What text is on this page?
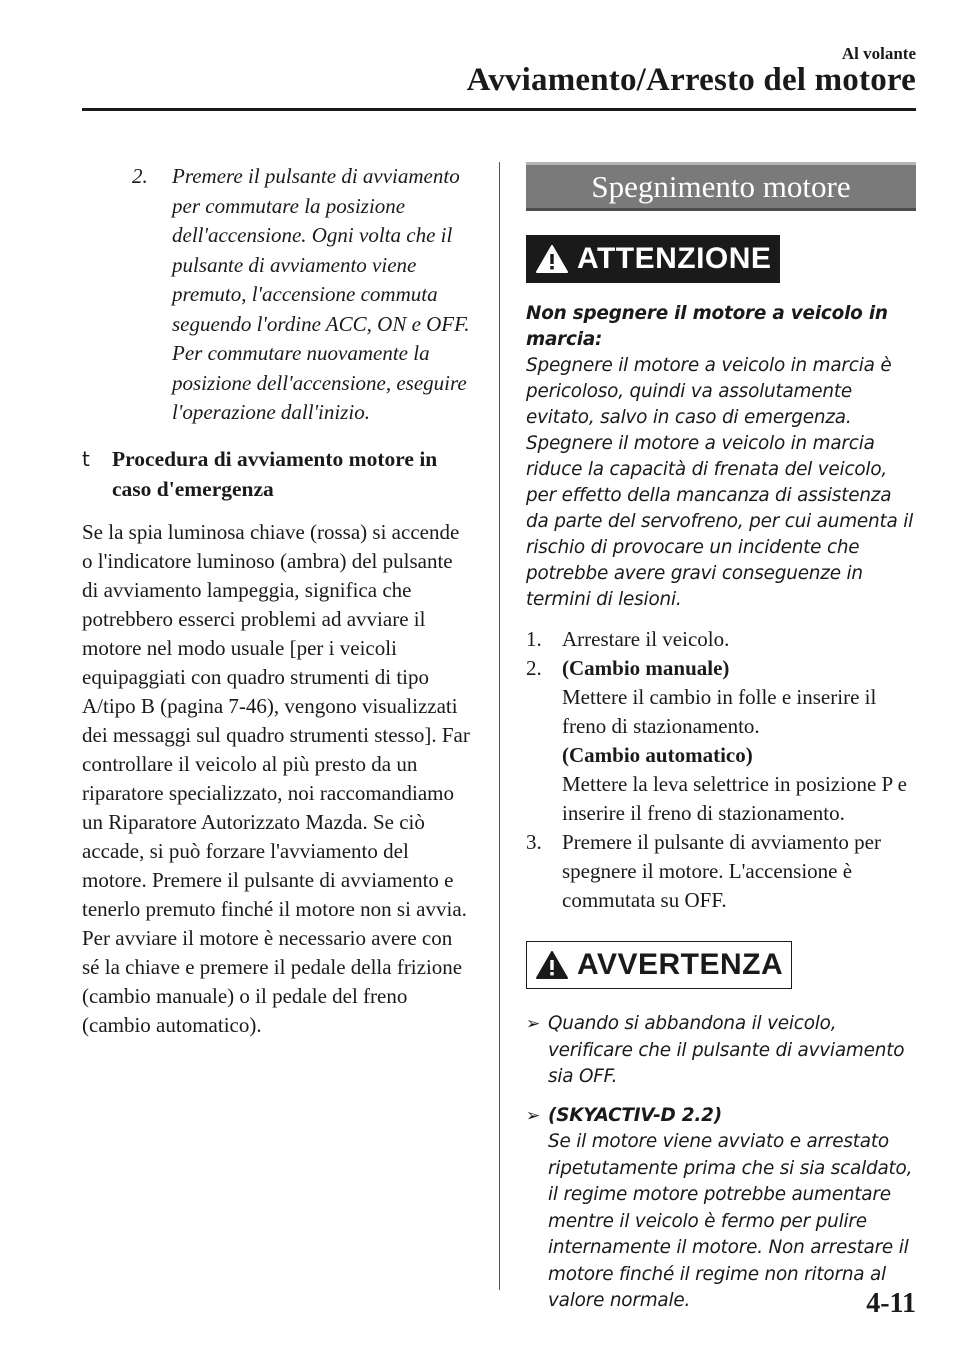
Al volante
Avviamento/Arresto del motore
2.	Premere il pulsante di avviamento per commutare la posizione dell'accensione. Ogni volta che il pulsante di avviamento viene premuto, l'accensione commuta seguendo l'ordine ACC, ON e OFF. Per commutare nuovamente la posizione dell'accensione, eseguire l'operazione dall'inizio.
t	Procedura di avviamento motore in caso d'emergenza

Se la spia luminosa chiave (rossa) si accende o l'indicatore luminoso (ambra) del pulsante di avviamento lampeggia, significa che potrebbero esserci problemi ad avviare il motore nel modo usuale [per i veicoli equipaggiati con quadro strumenti di tipo A/tipo B (pagina 7-46), vengono visualizzati dei messaggi sul quadro strumenti stesso]. Far controllare il veicolo al più presto da un riparatore specializzato, noi raccomandiamo un Riparatore Autorizzato Mazda. Se ciò accade, si può forzare l'avviamento del motore. Premere il pulsante di avviamento e tenerlo premuto finché il motore non si avvia. Per avviare il motore è necessario avere con sé la chiave e premere il pedale della frizione (cambio manuale) o il pedale del freno (cambio automatico).

Spegnimento motore
ATTENZIONE
Non spegnere il motore a veicolo in marcia:
Spegnere il motore a veicolo in marcia è pericoloso, quindi va assolutamente evitato, salvo in caso di emergenza. Spegnere il motore a veicolo in marcia riduce la capacità di frenata del veicolo, per effetto della mancanza di assistenza da parte del servofreno, per cui aumenta il rischio di provocare un incidente che potrebbe avere gravi conseguenze in termini di lesioni.
1. Arrestare il veicolo.
2. (Cambio manuale)
Mettere il cambio in folle e inserire il freno di stazionamento.
(Cambio automatico)
Mettere la leva selettrice in posizione P e inserire il freno di stazionamento.
3. Premere il pulsante di avviamento per spegnere il motore. L'accensione è commutata su OFF.
AVVERTENZA
➢ Quando si abbandona il veicolo, verificare che il pulsante di avviamento sia OFF.
➢ (SKYACTIV-D 2.2)
Se il motore viene avviato e arrestato ripetutamente prima che si sia scaldato, il regime motore potrebbe aumentare mentre il veicolo è fermo per pulire internamente il motore. Non arrestare il motore finché il regime non ritorna al valore normale.	4-11
